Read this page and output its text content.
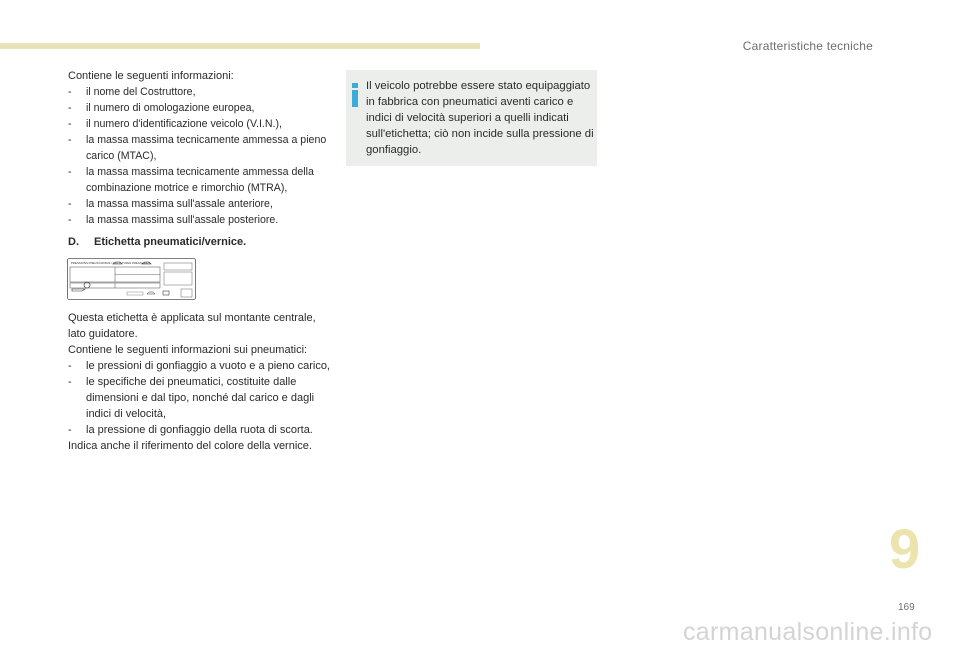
Caratteristiche tecniche

Contiene le seguenti informazioni:

- il nome del Costruttore,
- il numero di omologazione europea,
- il numero d'identificazione veicolo (V.I.N.),
- la massa massima tecnicamente ammessa a pieno carico (MTAC),
- la massa massima tecnicamente ammessa della combinazione motrice e rimorchio (MTRA),
- la massa massima sull'assale anteriore,
- la massa massima sull'assale posteriore.

D. Etichetta pneumatici/vernice.

PRESSIONS PNEUS FROIDS / COLD TYRES PRESSURES

Questa etichetta è applicata sul montante centrale, lato guidatore.

Contiene le seguenti informazioni sui pneumatici:

- le pressioni di gonfiaggio a vuoto e a pieno carico,
- le specifiche dei pneumatici, costituite dalle dimensioni e dal tipo, nonché dal carico e dagli indici di velocità,
- la pressione di gonfiaggio della ruota di scorta.

Indica anche il riferimento del colore della vernice.

Il veicolo potrebbe essere stato equipaggiato in fabbrica con pneumatici aventi carico e indici di velocità superiori a quelli indicati sull'etichetta; ciò non incide sulla pressione di gonfiaggio.
9
169
carmanualsonline.info
